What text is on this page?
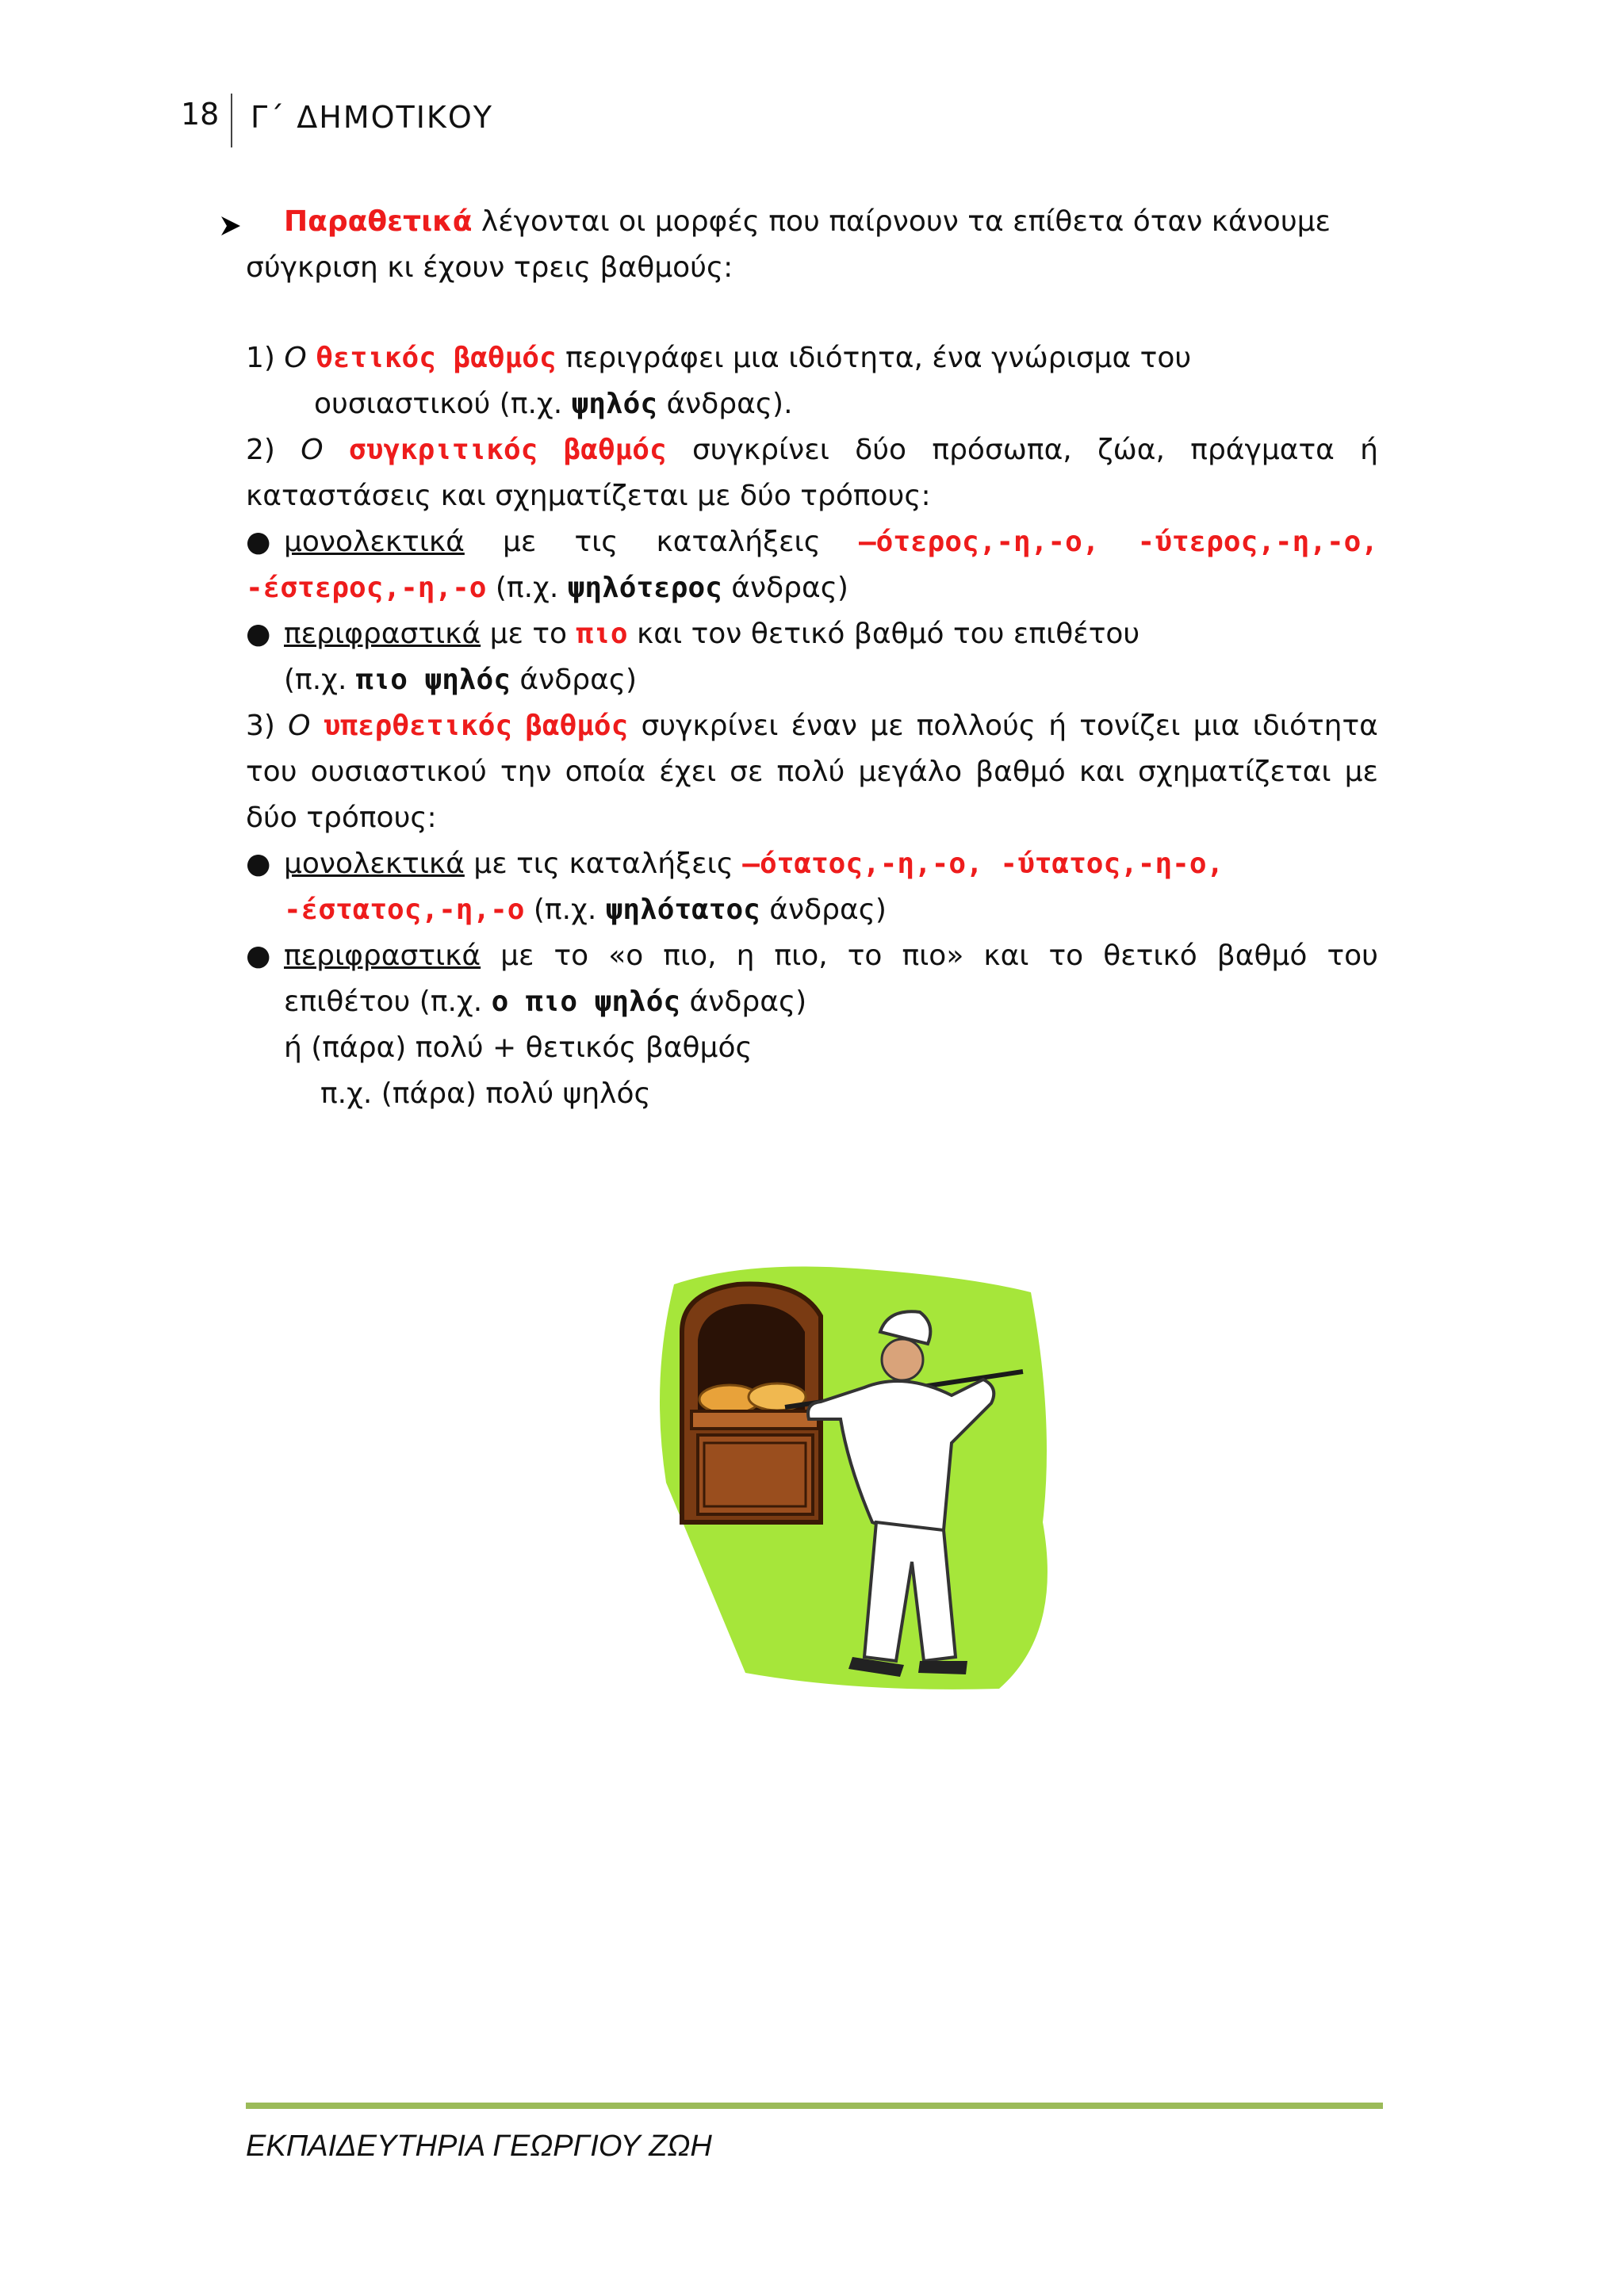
18 Γ΄ ΔΗΜΟΤΙΚΟΥ
Παραθετικά λέγονται οι μορφές που παίρνουν τα επίθετα όταν κάνουμε
σύγκριση κι έχουν τρεις βαθμούς:
1) Ο θετικός βαθμός περιγράφει μια ιδιότητα, ένα γνώρισμα του
ουσιαστικού (π.χ. ψηλός άνδρας).
2) Ο συγκριτικός βαθμός συγκρίνει δύο πρόσωπα, ζώα, πράγματα ή
καταστάσεις και σχηματίζεται με δύο τρόπους:
● μονολεκτικά με τις καταλήξεις –ότερος,-η,-ο, -ύτερος,-η,-ο,
-έστερος,-η,-ο (π.χ. ψηλότερος άνδρας)
● περιφραστικά με το πιο και τον θετικό βαθμό του επιθέτου
(π.χ. πιο ψηλός άνδρας)
3) Ο υπερθετικός βαθμός συγκρίνει έναν με πολλούς ή τονίζει μια ιδιότητα
του ουσιαστικού την οποία έχει σε πολύ μεγάλο βαθμό και σχηματίζεται με
δύο τρόπους:
● μονολεκτικά με τις καταλήξεις –ότατος,-η,-ο, -ύτατος,-η-ο,
-έστατος,-η,-ο (π.χ. ψηλότατος άνδρας)
● περιφραστικά με το «ο πιο, η πιο, το πιο» και το θετικό βαθμό του
επιθέτου (π.χ. ο πιο ψηλός άνδρας)
ή (πάρα) πολύ + θετικός βαθμός
π.χ. (πάρα) πολύ ψηλός
ΕΚΠΑΙΔΕΥΤΗΡΙΑ ΓΕΩΡΓΙΟΥ ΖΩΗ
